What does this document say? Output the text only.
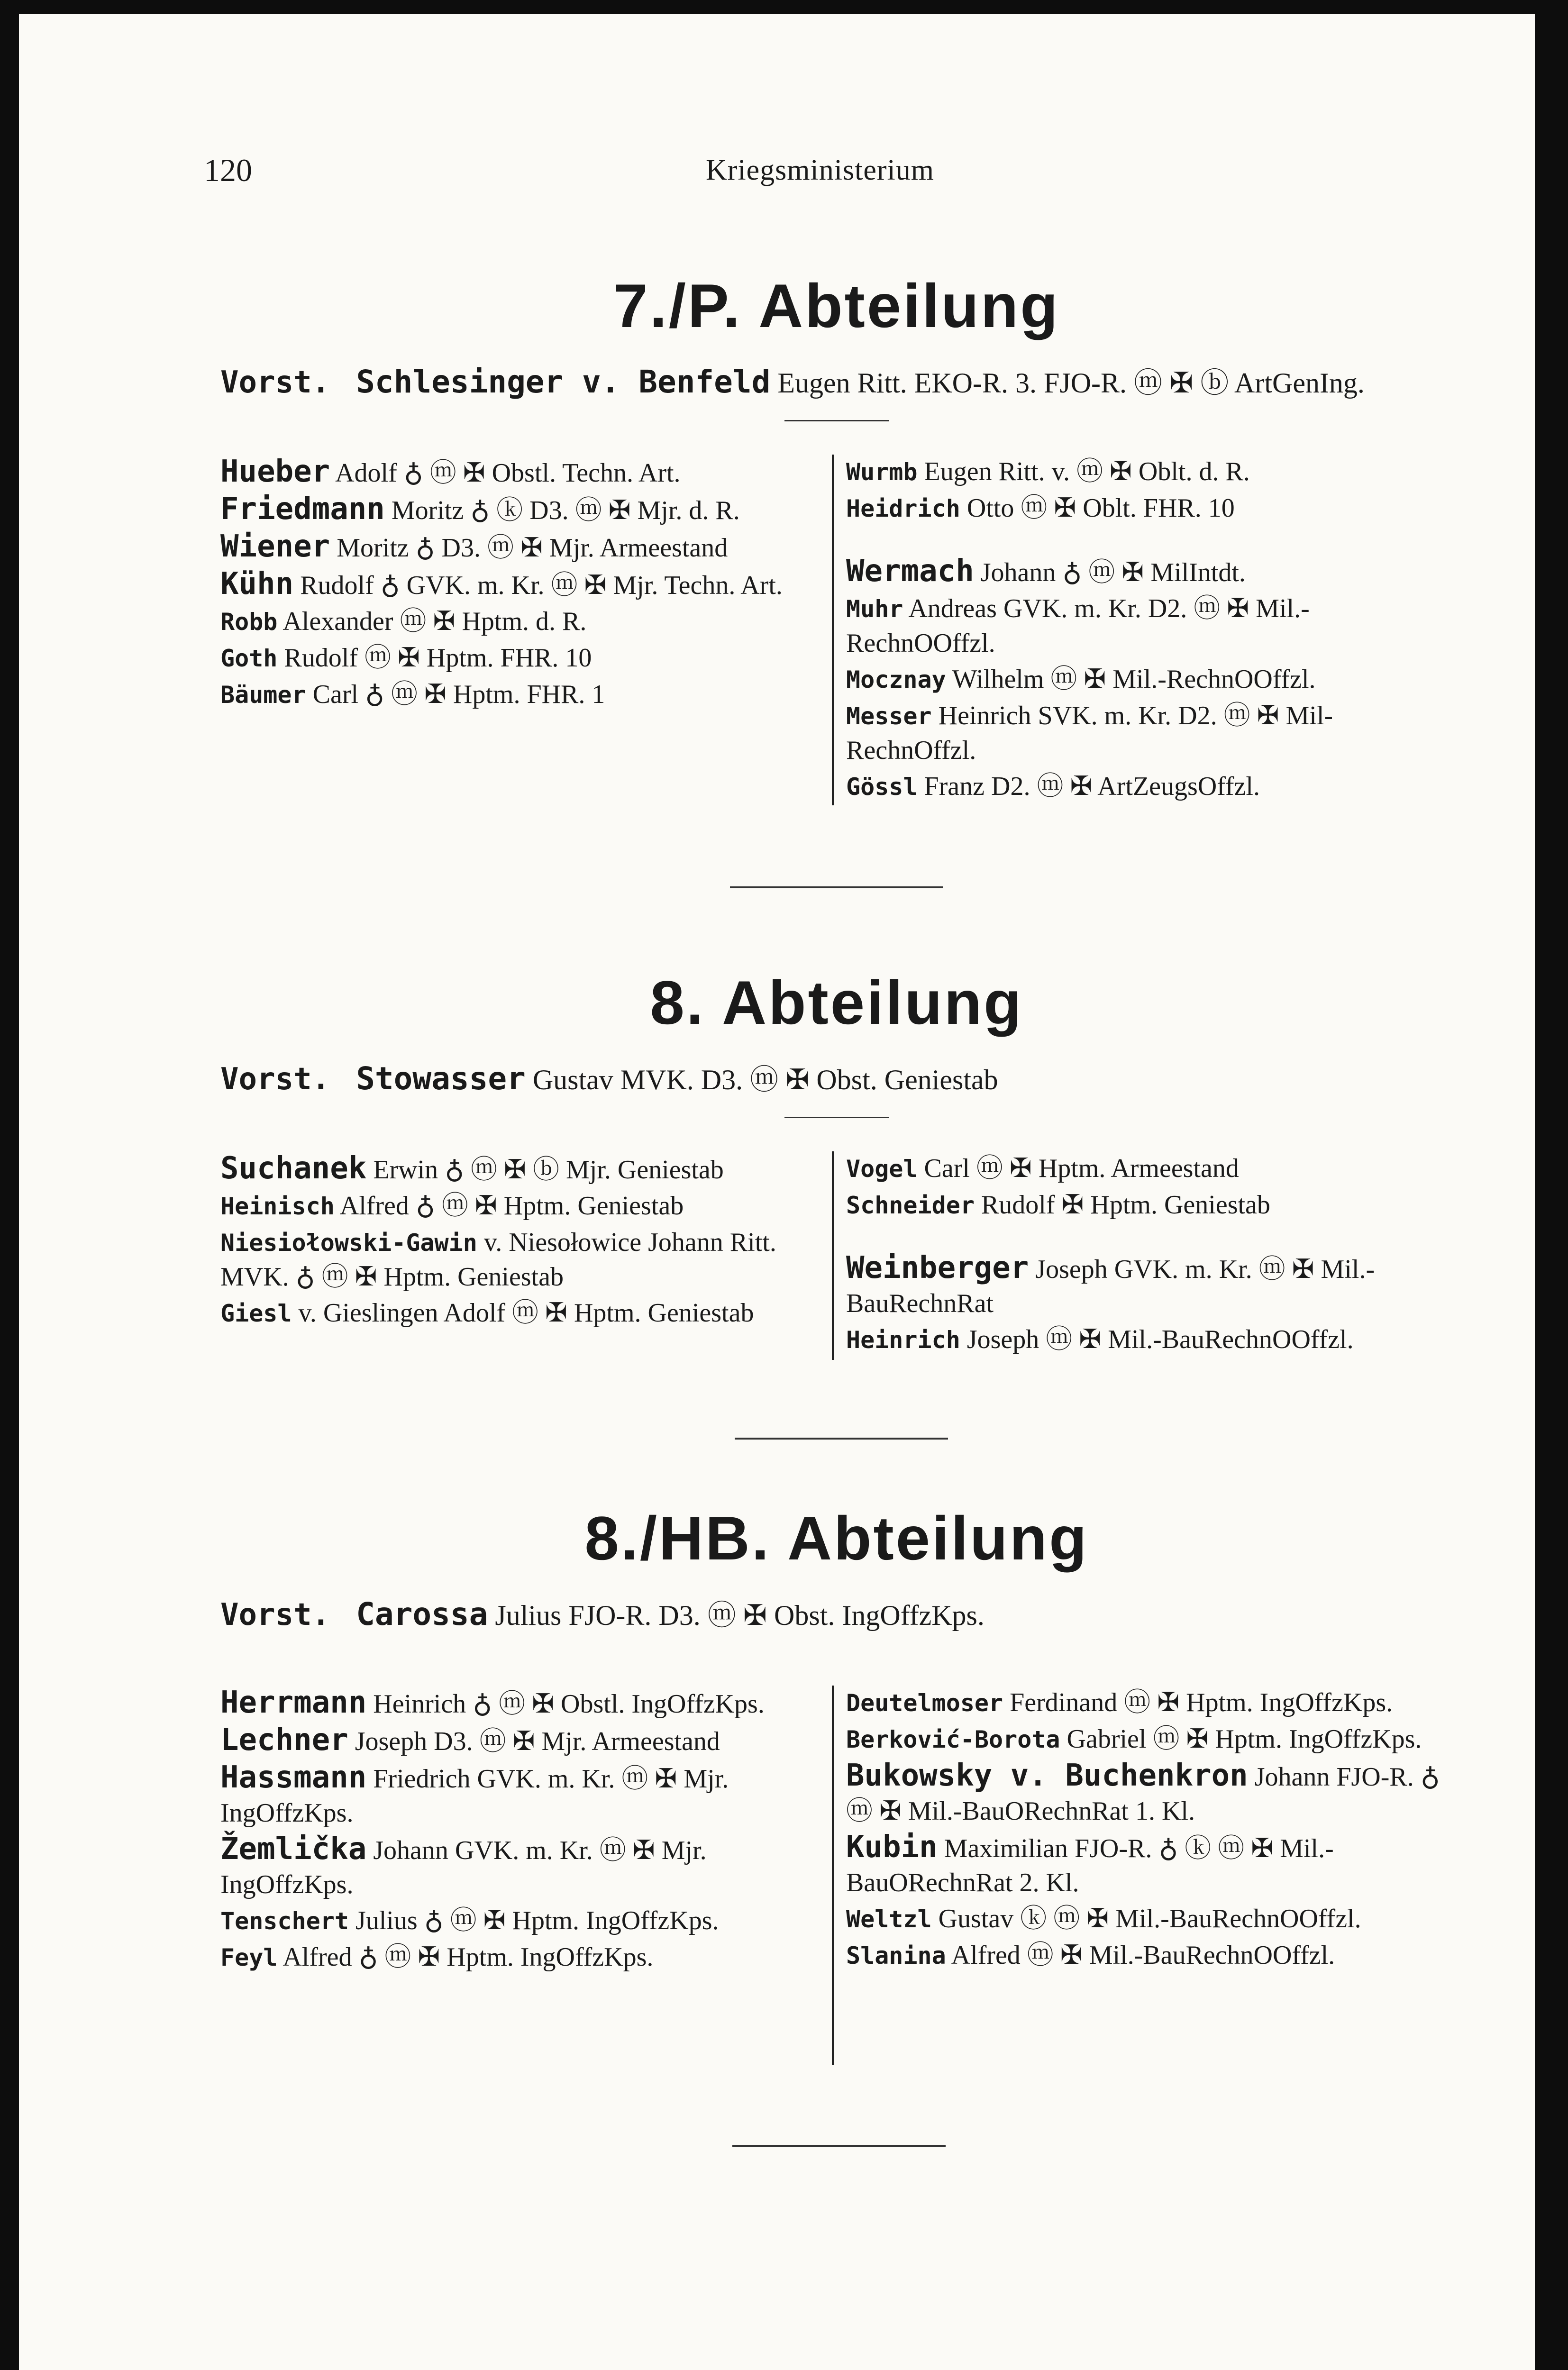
120	Kriegsministerium
7./P. Abteilung
Vorst. Schlesinger v. Benfeld Eugen Ritt. EKO-R. 3. FJO-R. ⓜ ✠ ⓑ ArtGenIng.
Hueber Adolf ♁ ⓜ ✠ Obstl. Techn. Art.
Friedmann Moritz ♁ ⓚ D3. ⓜ ✠ Mjr. d. R.
Wiener Moritz ♁ D3. ⓜ ✠ Mjr. Armeestand
Kühn Rudolf ♁ GVK. m. Kr. ⓜ ✠ Mjr. Techn. Art.
Robb Alexander ⓜ ✠ Hptm. d. R.
Goth Rudolf ⓜ ✠ Hptm. FHR. 10
Bäumer Carl ♁ ⓜ ✠ Hptm. FHR. 1
Wurmb Eugen Ritt. v. ⓜ ✠ Oblt. d. R.
Heidrich Otto ⓜ ✠ Oblt. FHR. 10
Wermach Johann ♁ ⓜ ✠ MilIntdt.
Muhr Andreas GVK. m. Kr. D2. ⓜ ✠ Mil.-RechnOOffzl.
Mocznay Wilhelm ⓜ ✠ Mil.-RechnOOffzl.
Messer Heinrich SVK. m. Kr. D2. ⓜ ✠ Mil-RechnOffzl.
Gössl Franz D2. ⓜ ✠ ArtZeugsOffzl.
8. Abteilung
Vorst. Stowasser Gustav MVK. D3. ⓜ ✠ Obst. Geniestab
Suchanek Erwin ♁ ⓜ ✠ ⓑ Mjr. Geniestab
Heinisch Alfred ♁ ⓜ ✠ Hptm. Geniestab
Niesiołowski-Gawin v. Niesołowice Johann Ritt. MVK. ♁ ⓜ ✠ Hptm. Geniestab
Giesl v. Gieslingen Adolf ⓜ ✠ Hptm. Geniestab
Vogel Carl ⓜ ✠ Hptm. Armeestand
Schneider Rudolf ✠ Hptm. Geniestab
Weinberger Joseph GVK. m. Kr. ⓜ ✠ Mil.-BauRechnRat
Heinrich Joseph ⓜ ✠ Mil.-BauRechnOOffzl.
8./HB. Abteilung
Vorst. Carossa Julius FJO-R. D3. ⓜ ✠ Obst. IngOffzKps.
Herrmann Heinrich ♁ ⓜ ✠ Obstl. IngOffzKps.
Lechner Joseph D3. ⓜ ✠ Mjr. Armeestand
Hassmann Friedrich GVK. m. Kr. ⓜ ✠ Mjr. IngOffzKps.
Žemlička Johann GVK. m. Kr. ⓜ ✠ Mjr. IngOffzKps.
Tenschert Julius ♁ ⓜ ✠ Hptm. IngOffzKps.
Feyl Alfred ♁ ⓜ ✠ Hptm. IngOffzKps.
Deutelmoser Ferdinand ⓜ ✠ Hptm. IngOffzKps.
Berković-Borota Gabriel ⓜ ✠ Hptm. IngOffzKps.
Bukowsky v. Buchenkron Johann FJO-R. ♁ ⓜ ✠ Mil.-BauORechnRat 1. Kl.
Kubin Maximilian FJO-R. ♁ ⓚ ⓜ ✠ Mil.-BauORechnRat 2. Kl.
Weltzl Gustav ⓚ ⓜ ✠ Mil.-BauRechnOOffzl.
Slanina Alfred ⓜ ✠ Mil.-BauRechnOOffzl.
